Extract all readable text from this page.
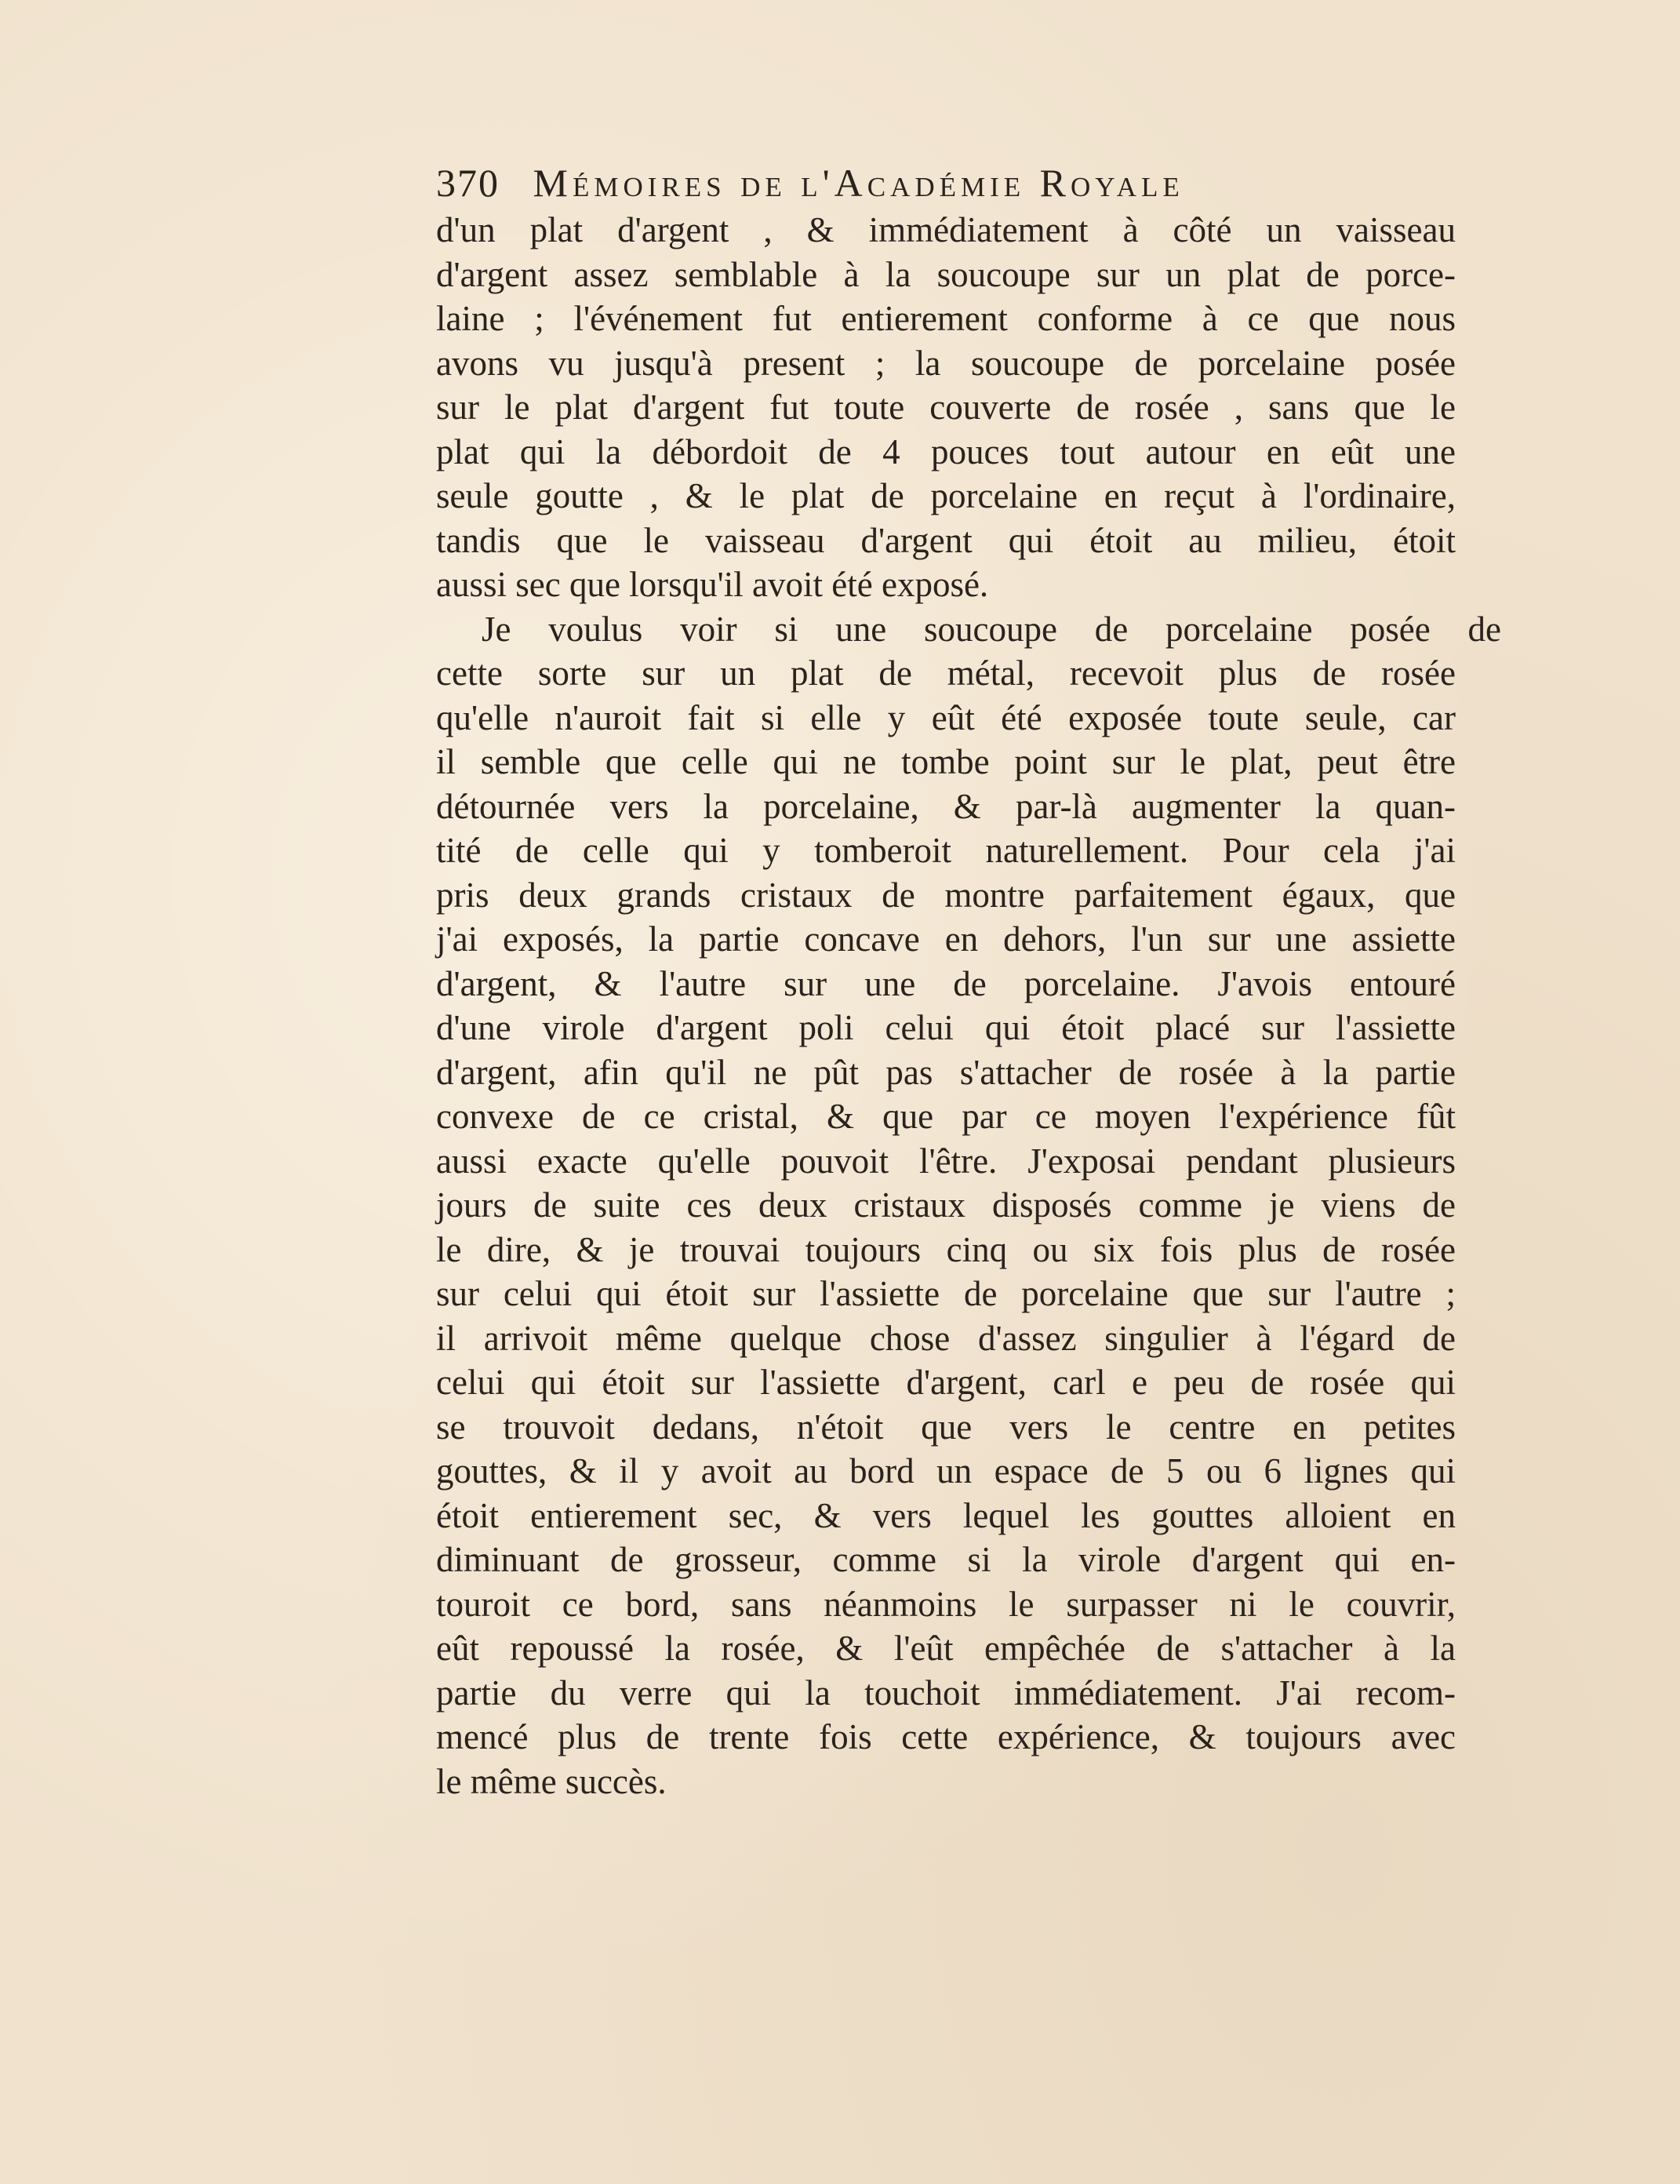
370 Mémoires de l'Académie Royale
d'un plat d'argent , & immédiatement à côté un vaisseau
d'argent assez semblable à la soucoupe sur un plat de porce-
laine ; l'événement fut entierement conforme à ce que nous
avons vu jusqu'à present ; la soucoupe de porcelaine posée
sur le plat d'argent fut toute couverte de rosée , sans que le
plat qui la débordoit de 4 pouces tout autour en eût une
seule goutte , & le plat de porcelaine en reçut à l'ordinaire,
tandis que le vaisseau d'argent qui étoit au milieu, étoit
aussi sec que lorsqu'il avoit été exposé.
Je voulus voir si une soucoupe de porcelaine posée de
cette sorte sur un plat de métal, recevoit plus de rosée
qu'elle n'auroit fait si elle y eût été exposée toute seule, car
il semble que celle qui ne tombe point sur le plat, peut être
détournée vers la porcelaine, & par-là augmenter la quan-
tité de celle qui y tomberoit naturellement. Pour cela j'ai
pris deux grands cristaux de montre parfaitement égaux, que
j'ai exposés, la partie concave en dehors, l'un sur une assiette
d'argent, & l'autre sur une de porcelaine. J'avois entouré
d'une virole d'argent poli celui qui étoit placé sur l'assiette
d'argent, afin qu'il ne pût pas s'attacher de rosée à la partie
convexe de ce cristal, & que par ce moyen l'expérience fût
aussi exacte qu'elle pouvoit l'être. J'exposai pendant plusieurs
jours de suite ces deux cristaux disposés comme je viens de
le dire, & je trouvai toujours cinq ou six fois plus de rosée
sur celui qui étoit sur l'assiette de porcelaine que sur l'autre ;
il arrivoit même quelque chose d'assez singulier à l'égard de
celui qui étoit sur l'assiette d'argent, carl e peu de rosée qui
se trouvoit dedans, n'étoit que vers le centre en petites
gouttes, & il y avoit au bord un espace de 5 ou 6 lignes qui
étoit entierement sec, & vers lequel les gouttes alloient en
diminuant de grosseur, comme si la virole d'argent qui en-
touroit ce bord, sans néanmoins le surpasser ni le couvrir,
eût repoussé la rosée, & l'eût empêchée de s'attacher à la
partie du verre qui la touchoit immédiatement. J'ai recom-
mencé plus de trente fois cette expérience, & toujours avec
le même succès.
